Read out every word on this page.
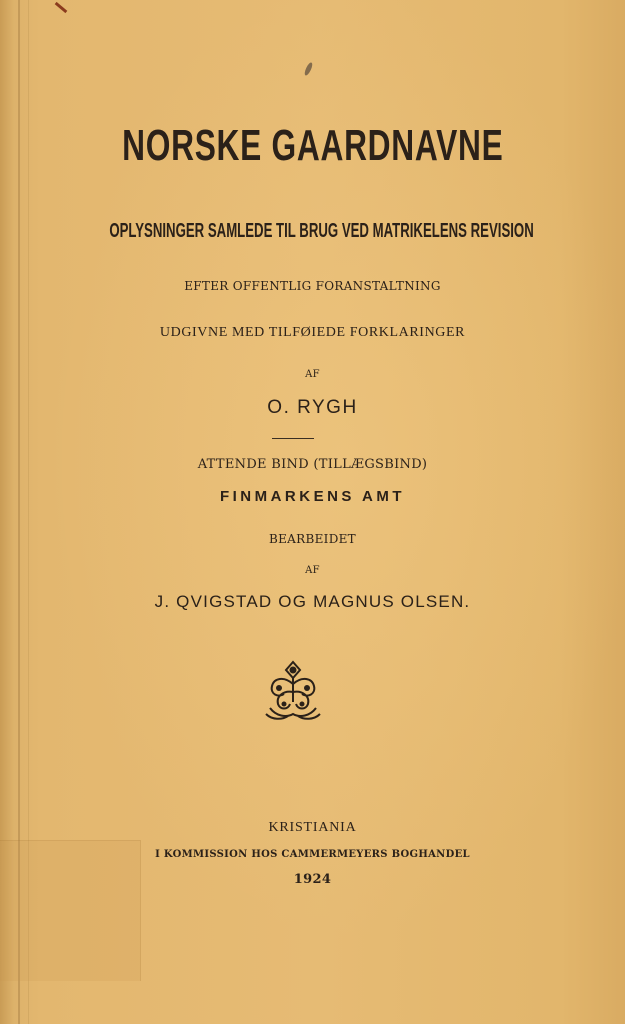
NORSKE GAARDNAVNE
OPLYSNINGER SAMLEDE TIL BRUG VED MATRIKELENS REVISION
EFTER OFFENTLIG FORANSTALTNING
UDGIVNE MED TILFØIEDE FORKLARINGER
AF
O. RYGH
ATTENDE BIND (TILLÆGSBIND)
FINMARKENS AMT
BEARBEIDET
AF
J. QVIGSTAD OG MAGNUS OLSEN.
KRISTIANIA
I KOMMISSION HOS CAMMERMEYERS BOGHANDEL
1924
